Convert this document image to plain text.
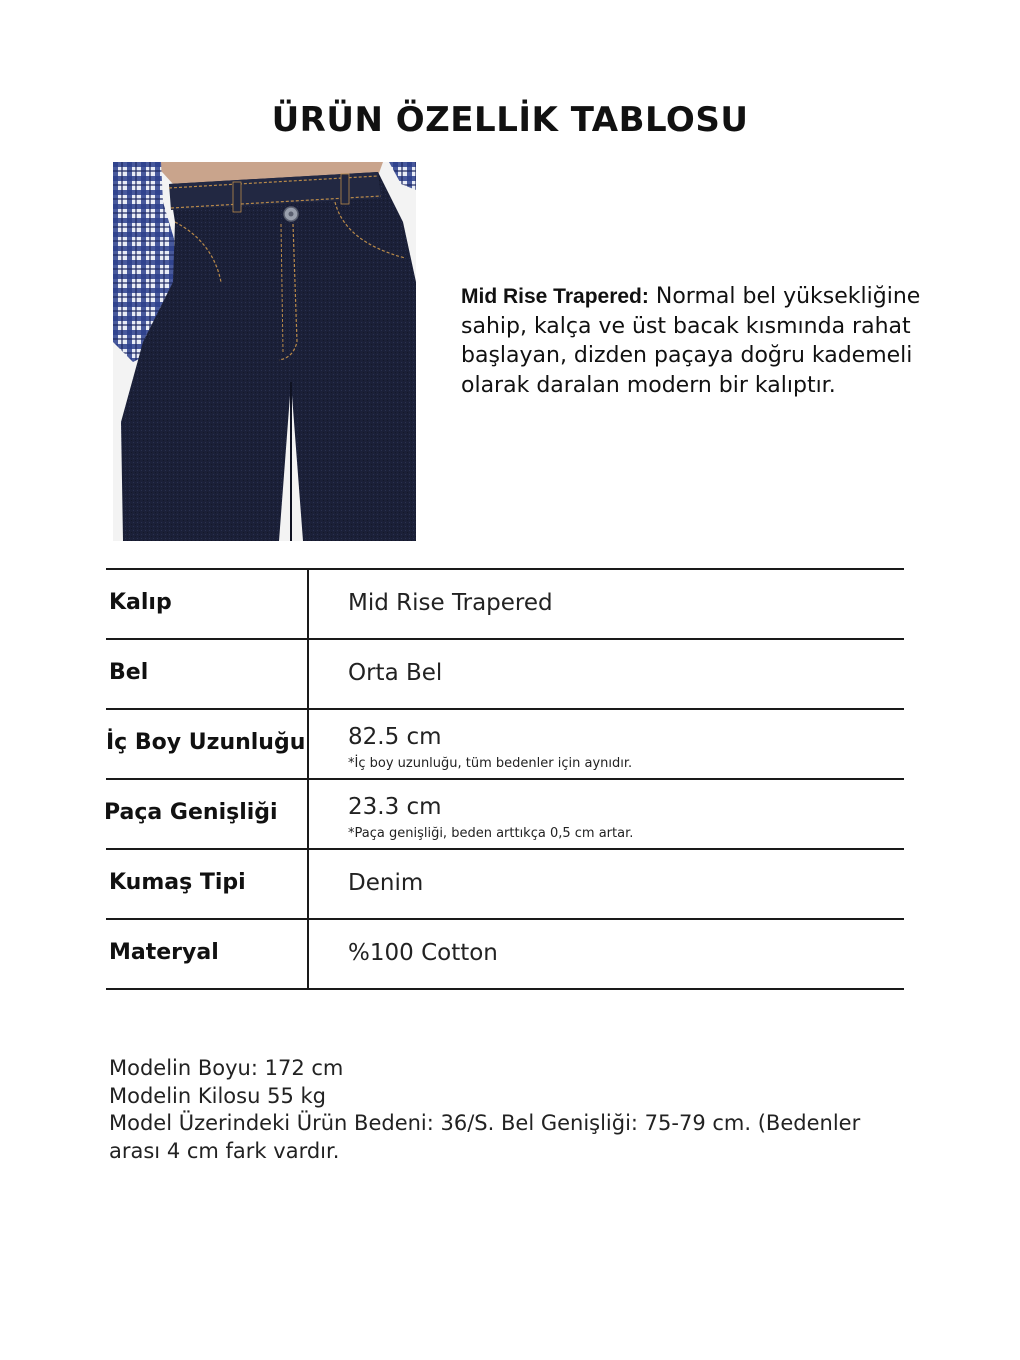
ÜRÜN ÖZELLİK TABLOSU
Mid Rise Trapered: Normal bel yüksekliğine sahip, kalça ve üst bacak kısmında rahat başlayan, dizden paçaya doğru kademeli olarak daralan modern bir kalıptır.
Kalıp	Mid Rise Trapered
Bel	Orta Bel
İç Boy Uzunluğu 82.5 cm
*İç boy uzunluğu, tüm bedenler için aynıdır.
Paça Genişliği	23.3 cm
*Paça genişliği, beden arttıkça 0,5 cm artar.
Kumaş Tipi	Denim
Materyal	%100 Cotton
Modelin Boyu: 172 cm
Modelin Kilosu 55 kg
Model Üzerindeki Ürün Bedeni: 36/S. Bel Genişliği: 75-79 cm. (Bedenler arası 4 cm fark vardır.
